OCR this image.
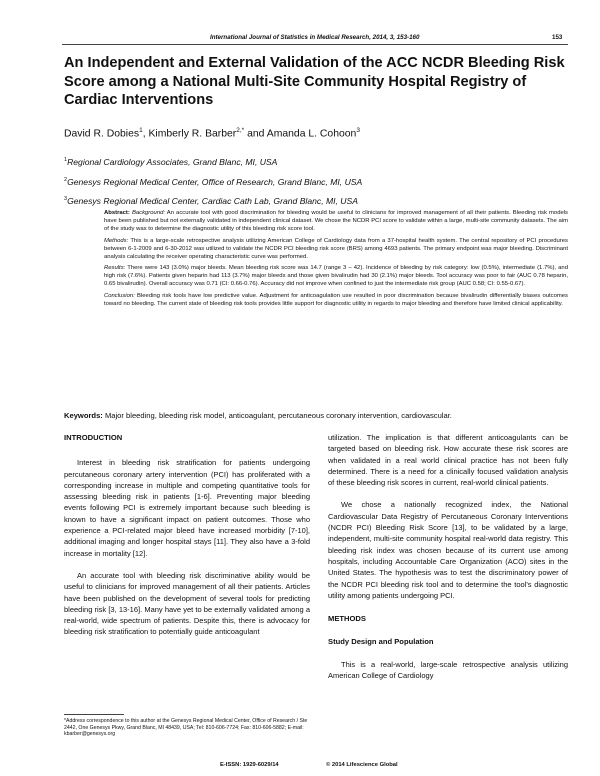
International Journal of Statistics in Medical Research, 2014, 3, 153-160	153
An Independent and External Validation of the ACC NCDR Bleeding Risk Score among a National Multi-Site Community Hospital Registry of Cardiac Interventions
David R. Dobies$^1$, Kimberly R. Barber$^{2,*}$ and Amanda L. Cohoon$^3$
$^1$Regional Cardiology Associates, Grand Blanc, MI, USA
$^2$Genesys Regional Medical Center, Office of Research, Grand Blanc, MI, USA
$^3$Genesys Regional Medical Center, Cardiac Cath Lab, Grand Blanc, MI, USA

Abstract: Background: An accurate tool with good discrimination for bleeding would be useful to clinicians for improved management of all their patients. Bleeding risk models have been published but not externally validated in independent clinical dataset. We chose the NCDR PCI score to validate within a large, multi-site community datasets. The aim of the study was to determine the diagnostic utility of this bleeding risk score tool.

Methods: This is a large-scale retrospective analysis utilizing American College of Cardiology data from a 37-hospital health system. The central repository of PCI procedures between 6-1-2009 and 6-30-2012 was utilized to validate the NCDR PCI bleeding risk score (BRS) among 4693 patients. The primary endpoint was major bleeding. Discriminant analysis calculating the receiver operating characteristic curve was performed.

Results: There were 143 (3.0%) major bleeds. Mean bleeding risk score was 14.7 (range 3 – 42). Incidence of bleeding by risk category: low (0.5%), intermediate (1.7%), and high risk (7.6%). Patients given heparin had 113 (3.7%) major bleeds and those given bivalirudin had 30 (2.1%) major bleeds. Tool accuracy was poor to fair (AUC 0.78 heparin, 0.65 bivalirudin). Overall accuracy was 0.71 (CI: 0.66-0.76). Accuracy did not improve when confined to just the intermediate risk group (AUC 0.58; CI: 0.55-0.67).

Conclusion: Bleeding risk tools have low predictive value. Adjustment for anticoagulation use resulted in poor discrimination because bivalirudin differentially biases outcomes toward no bleeding. The current state of bleeding risk tools provides little support for diagnostic utility in regards to major bleeding and therefore have limited clinical applicability.

Keywords: Major bleeding, bleeding risk model, anticoagulant, percutaneous coronary intervention, cardiovascular.

INTRODUCTION

Interest in bleeding risk stratification for patients undergoing percutaneous coronary artery intervention (PCI) has proliferated with a corresponding increase in multiple and competing quantitative tools for assessing bleeding risk in patients [1-6]. Preventing major bleeding events following PCI is extremely important because such bleeding is known to have a significant impact on patient outcomes. Those who experience a PCI-related major bleed have increased morbidity [7-10], additional imaging and longer hospital stays [11]. They also have a 3-fold increase in mortality [12].

An accurate tool with bleeding risk discriminative ability would be useful to clinicians for improved management of all their patients. Articles have been published on the development of several tools for predicting bleeding risk [3, 13-16]. Many have yet to be externally validated among a real-world, wide spectrum of patients. Despite this, there is advocacy for bleeding risk stratification to potentially guide anticoagulant

utilization. The implication is that different anticoagulants can be targeted based on bleeding risk. How accurate these risk scores are when validated in a real world clinical practice has not been fully determined. There is a need for a clinically focused validation analysis of these bleeding risk scores in current, real-world clinical patients.

We chose a nationally recognized index, the National Cardiovascular Data Registry of Percutaneous Coronary Interventions (NCDR PCI) Bleeding Risk Score [13], to be validated by a large, independent, multi-site community hospital real-world data registry. This bleeding risk index was chosen because of its current use among hospitals, including Accountable Care Organization (ACO) sites in the United States. The hypothesis was to test the discriminatory power of the NCDR PCI bleeding risk tool and to determine the tool's diagnostic utility among patients undergoing PCI.

METHODS

Study Design and Population

This is a real-world, large-scale retrospective analysis utilizing American College of Cardiology

*Address correspondence to this author at the Genesys Regional Medical Center, Office of Research / Ste 2442, One Genesys Pkwy, Grand Blanc, MI 48439, USA; Tel: 810-606-7724; Fax: 810-606-5882; E-mail: kbarber@genesys.org
E-ISSN: 1929-6029/14	© 2014 Lifescience Global
